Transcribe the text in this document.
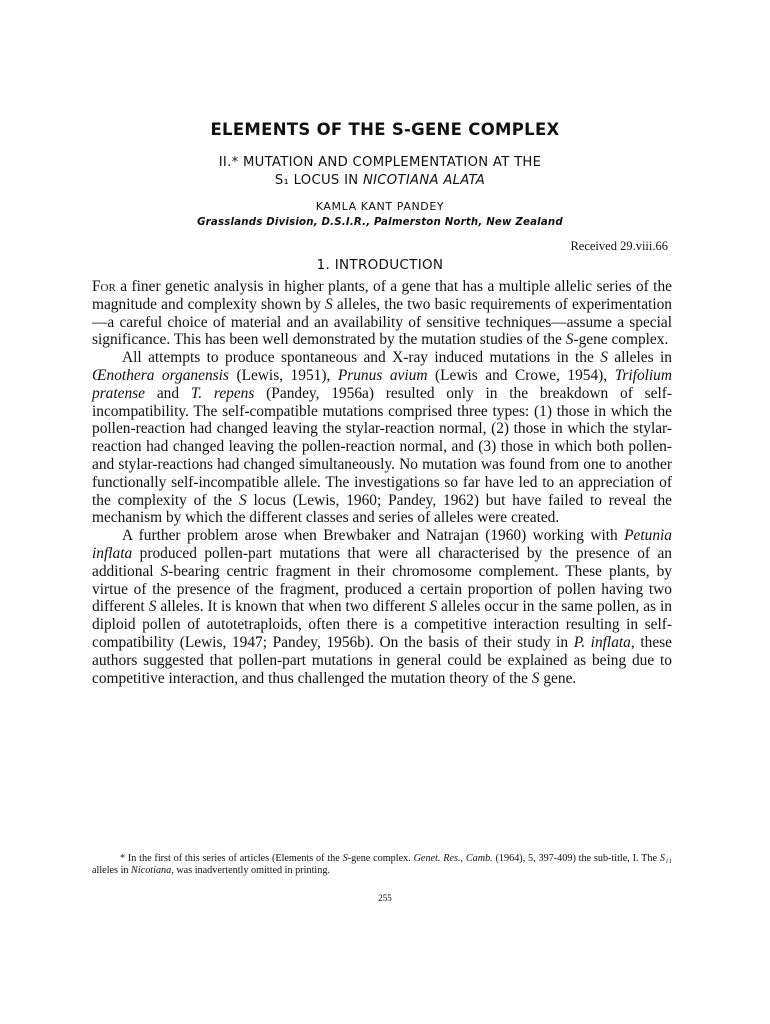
ELEMENTS OF THE S-GENE COMPLEX
II.* MUTATION AND COMPLEMENTATION AT THE
S₁ LOCUS IN NICOTIANA ALATA
KAMLA KANT PANDEY
Grasslands Division, D.S.I.R., Palmerston North, New Zealand
Received 29.viii.66
1. INTRODUCTION

For a finer genetic analysis in higher plants, of a gene that has a multiple allelic series of the magnitude and complexity shown by S alleles, the two basic requirements of experimentation —a careful choice of material and an availability of sensitive techniques—assume a special significance. This has been well demonstrated by the mutation studies of the S-gene complex.

All attempts to produce spontaneous and X-ray induced mutations in the S alleles in Œnothera organensis (Lewis, 1951), Prunus avium (Lewis and Crowe, 1954), Trifolium pratense and T. repens (Pandey, 1956a) resulted only in the breakdown of self-incompatibility. The self-compatible mutations comprised three types: (1) those in which the pollen-reaction had changed leaving the stylar-reaction normal, (2) those in which the stylar-reaction had changed leaving the pollen-reaction normal, and (3) those in which both pollen- and stylar-reactions had changed simultaneously. No mutation was found from one to another functionally self-incompatible allele. The investigations so far have led to an appreciation of the complexity of the S locus (Lewis, 1960; Pandey, 1962) but have failed to reveal the mechanism by which the different classes and series of alleles were created.

A further problem arose when Brewbaker and Natrajan (1960) working with Petunia inflata produced pollen-part mutations that were all characterised by the presence of an additional S-bearing centric fragment in their chromosome complement. These plants, by virtue of the presence of the fragment, produced a certain proportion of pollen having two different S alleles. It is known that when two different S alleles occur in the same pollen, as in diploid pollen of autotetraploids, often there is a competitive interaction resulting in self-compatibility (Lewis, 1947; Pandey, 1956b). On the basis of their study in P. inflata, these authors suggested that pollen-part mutations in general could be explained as being due to competitive interaction, and thus challenged the mutation theory of the S gene.

* In the first of this series of articles (Elements of the S-gene complex. Genet. Res., Camb. (1964), 5, 397-409) the sub-title, I. The S₁₁ alleles in Nicotiana, was inadvertently omitted in printing.

255
